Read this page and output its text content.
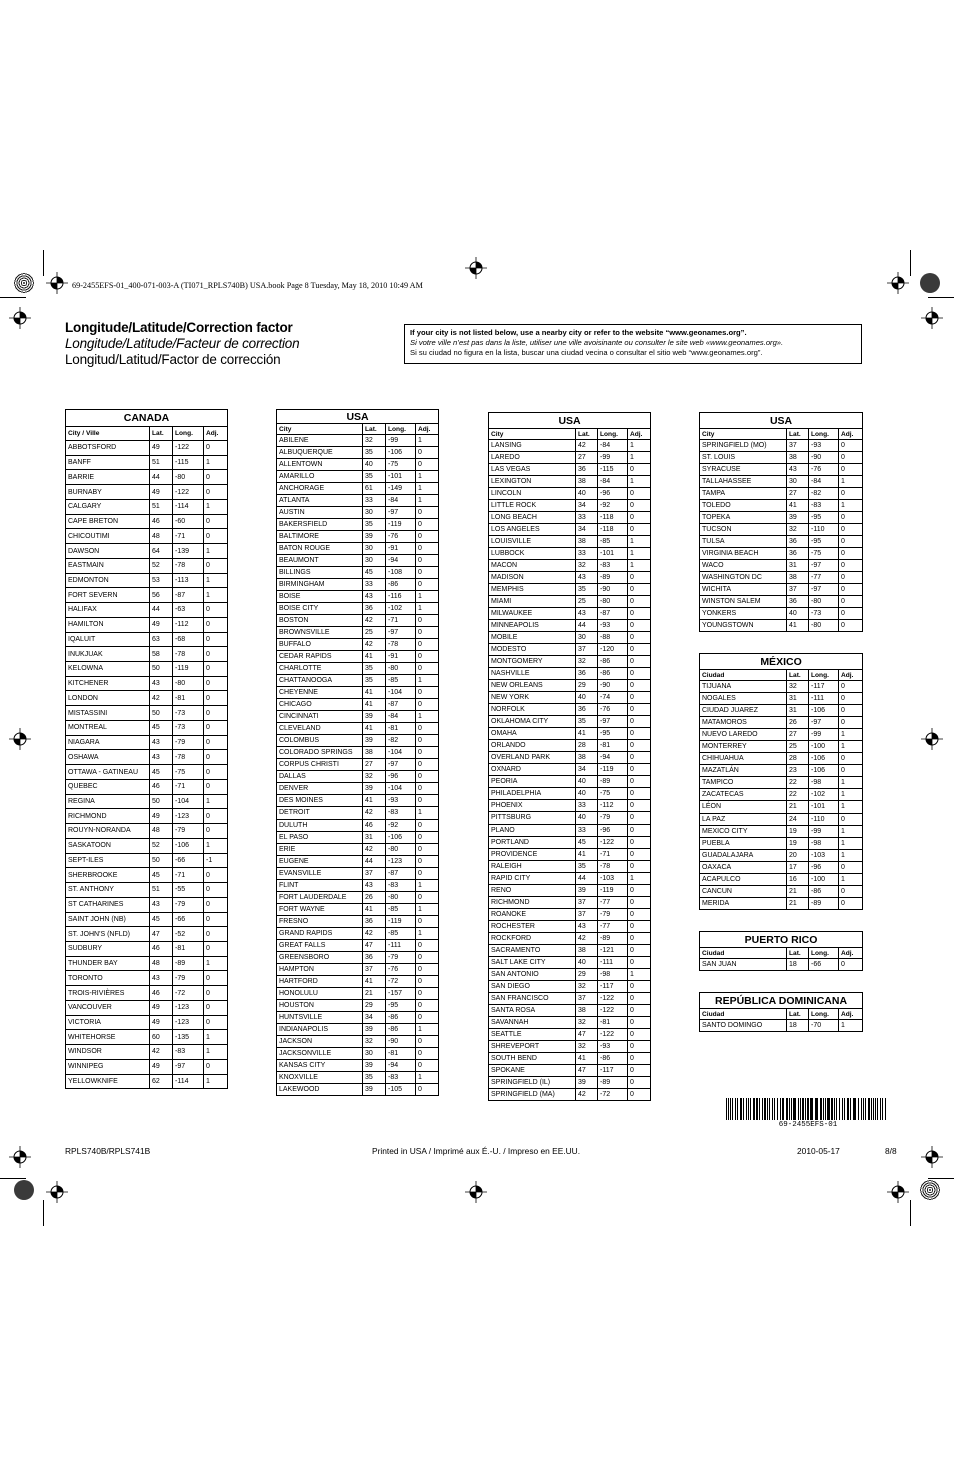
69-2455EFS-01_400-071-003-A (TI071_RPLS740B) USA.book Page 8 Tuesday, May 18, 2010 10:49 AM
Longitude/Latitude/Correction factor
Longitude/Latitude/Facteur de correction
Longitud/Latitud/Factor de corrección
If your city is not listed below, use a nearby city or refer to the website “www.geonames.org”.
Si votre ville n’est pas dans la liste, utiliser une ville avoisinante ou consulter le site web «www.geonames.org».
Si su ciudad no figura en la lista, buscar una ciudad vecina o consultar el sitio web “www.geonames.org”.
CANADA			
City / Ville	Lat.	Long.	Adj.
ABBOTSFORD	49	-122	0
BANFF	51	-115	1
BARRIE	44	-80	0
BURNABY	49	-122	0
CALGARY	51	-114	1
CAPE BRETON	46	-60	0
CHICOUTIMI	48	-71	0
DAWSON	64	-139	1
EASTMAIN	52	-78	0
EDMONTON	53	-113	1
FORT SEVERN	56	-87	1
HALIFAX	44	-63	0
HAMILTON	49	-112	0
IQALUIT	63	-68	0
INUKJUAK	58	-78	0
KELOWNA	50	-119	0
KITCHENER	43	-80	0
LONDON	42	-81	0
MISTASSINI	50	-73	0
MONTREAL	45	-73	0
NIAGARA	43	-79	0
OSHAWA	43	-78	0
OTTAWA - GATINEAU	45	-75	0
QUEBEC	46	-71	0
REGINA	50	-104	1
RICHMOND	49	-123	0
ROUYN-NORANDA	48	-79	0
SASKATOON	52	-106	1
SEPT-ILES	50	-66	-1
SHERBROOKE	45	-71	0
ST. ANTHONY	51	-55	0
ST CATHARINES	43	-79	0
SAINT JOHN (NB)	45	-66	0
ST. JOHN'S (NFLD)	47	-52	0
SUDBURY	46	-81	0
THUNDER BAY	48	-89	1
TORONTO	43	-79	0
TROIS-RIVIÈRES	46	-72	0
VANCOUVER	49	-123	0
VICTORIA	49	-123	0
WHITEHORSE	60	-135	1
WINDSOR	42	-83	1
WINNIPEG	49	-97	0
YELLOWKNIFE	62	-114	1
USA			
City	Lat.	Long.	Adj.
ABILENE	32	-99	1
ALBUQUERQUE	35	-106	0
ALLENTOWN	40	-75	0
AMARILLO	35	-101	1
ANCHORAGE	61	-149	1
ATLANTA	33	-84	1
AUSTIN	30	-97	0
BAKERSFIELD	35	-119	0
BALTIMORE	39	-76	0
BATON ROUGE	30	-91	0
BEAUMONT	30	-94	0
BILLINGS	45	-108	0
BIRMINGHAM	33	-86	0
BOISE	43	-116	1
BOISE CITY	36	-102	1
BOSTON	42	-71	0
BROWNSVILLE	25	-97	0
BUFFALO	42	-78	0
CEDAR RAPIDS	41	-91	0
CHARLOTTE	35	-80	0
CHATTANOOGA	35	-85	1
CHEYENNE	41	-104	0
CHICAGO	41	-87	0
CINCINNATI	39	-84	1
CLEVELAND	41	-81	0
COLOMBUS	39	-82	0
COLORADO SPRINGS	38	-104	0
CORPUS CHRISTI	27	-97	0
DALLAS	32	-96	0
DENVER	39	-104	0
DES MOINES	41	-93	0
DETROIT	42	-83	1
DULUTH	46	-92	0
EL PASO	31	-106	0
ERIE	42	-80	0
EUGENE	44	-123	0
EVANSVILLE	37	-87	0
FLINT	43	-83	1
FORT LAUDERDALE	26	-80	0
FORT WAYNE	41	-85	1
FRESNO	36	-119	0
GRAND RAPIDS	42	-85	1
GREAT FALLS	47	-111	0
GREENSBORO	36	-79	0
HAMPTON	37	-76	0
HARTFORD	41	-72	0
HONOLULU	21	-157	0
HOUSTON	29	-95	0
HUNTSVILLE	34	-86	0
INDIANAPOLIS	39	-86	1
JACKSON	32	-90	0
JACKSONVILLE	30	-81	0
KANSAS CITY	39	-94	0
KNOXVILLE	35	-83	1
LAKEWOOD	39	-105	0
USA			
City	Lat.	Long.	Adj.
LANSING	42	-84	1
LAREDO	27	-99	1
LAS VEGAS	36	-115	0
LEXINGTON	38	-84	1
LINCOLN	40	-96	0
LITTLE ROCK	34	-92	0
LONG BEACH	33	-118	0
LOS ANGELES	34	-118	0
LOUISVILLE	38	-85	1
LUBBOCK	33	-101	1
MACON	32	-83	1
MADISON	43	-89	0
MEMPHIS	35	-90	0
MIAMI	25	-80	0
MILWAUKEE	43	-87	0
MINNEAPOLIS	44	-93	0
MOBILE	30	-88	0
MODESTO	37	-120	0
MONTGOMERY	32	-86	0
NASHVILLE	36	-86	0
NEW ORLEANS	29	-90	0
NEW YORK	40	-74	0
NORFOLK	36	-76	0
OKLAHOMA CITY	35	-97	0
OMAHA	41	-95	0
ORLANDO	28	-81	0
OVERLAND PARK	38	-94	0
OXNARD	34	-119	0
PEORIA	40	-89	0
PHILADELPHIA	40	-75	0
PHOENIX	33	-112	0
PITTSBURG	40	-79	0
PLANO	33	-96	0
PORTLAND	45	-122	0
PROVIDENCE	41	-71	0
RALEIGH	35	-78	0
RAPID CITY	44	-103	1
RENO	39	-119	0
RICHMOND	37	-77	0
ROANOKE	37	-79	0
ROCHESTER	43	-77	0
ROCKFORD	42	-89	0
SACRAMENTO	38	-121	0
SALT LAKE CITY	40	-111	0
SAN ANTONIO	29	-98	1
SAN DIEGO	32	-117	0
SAN FRANCISCO	37	-122	0
SANTA ROSA	38	-122	0
SAVANNAH	32	-81	0
SEATTLE	47	-122	0
SHREVEPORT	32	-93	0
SOUTH BEND	41	-86	0
SPOKANE	47	-117	0
SPRINGFIELD (IL)	39	-89	0
SPRINGFIELD (MA)	42	-72	0
USA			
City	Lat.	Long.	Adj.
SPRINGFIELD (MO)	37	-93	0
ST. LOUIS	38	-90	0
SYRACUSE	43	-76	0
TALLAHASSEE	30	-84	1
TAMPA	27	-82	0
TOLEDO	41	-83	1
TOPEKA	39	-95	0
TUCSON	32	-110	0
TULSA	36	-95	0
VIRGINIA BEACH	36	-75	0
WACO	31	-97	0
WASHINGTON DC	38	-77	0
WICHITA	37	-97	0
WINSTON SALEM	36	-80	0
YONKERS	40	-73	0
YOUNGSTOWN	41	-80	0
MÉXICO			
Ciudad	Lat.	Long.	Adj.
TIJUANA	32	-117	0
NOGALES	31	-111	0
CIUDAD JUAREZ	31	-106	0
MATAMOROS	26	-97	0
NUEVO LAREDO	27	-99	1
MONTERREY	25	-100	1
CHIHUAHUA	28	-106	0
MAZATLÁN	23	-106	0
TAMPICO	22	-98	1
ZACATECAS	22	-102	1
LÉON	21	-101	1
LA PAZ	24	-110	0
MEXICO CITY	19	-99	1
PUEBLA	19	-98	1
GUADALAJARA	20	-103	1
OAXACA	17	-96	0
ACAPULCO	16	-100	1
CANCUN	21	-86	0
MERIDA	21	-89	0
PUERTO RICO			
Ciudad	Lat.	Long.	Adj.
SAN JUAN	18	-66	0
REPÚBLICA DOMINICANA			
Ciudad	Lat.	Long.	Adj.
SANTO DOMINGO	18	-70	1
69-2455EFS-01
RPLS740B/RPLS741B	Printed in USA / Imprimé aux É.-U. / Impreso en EE.UU.	2010-05-17	8/8
